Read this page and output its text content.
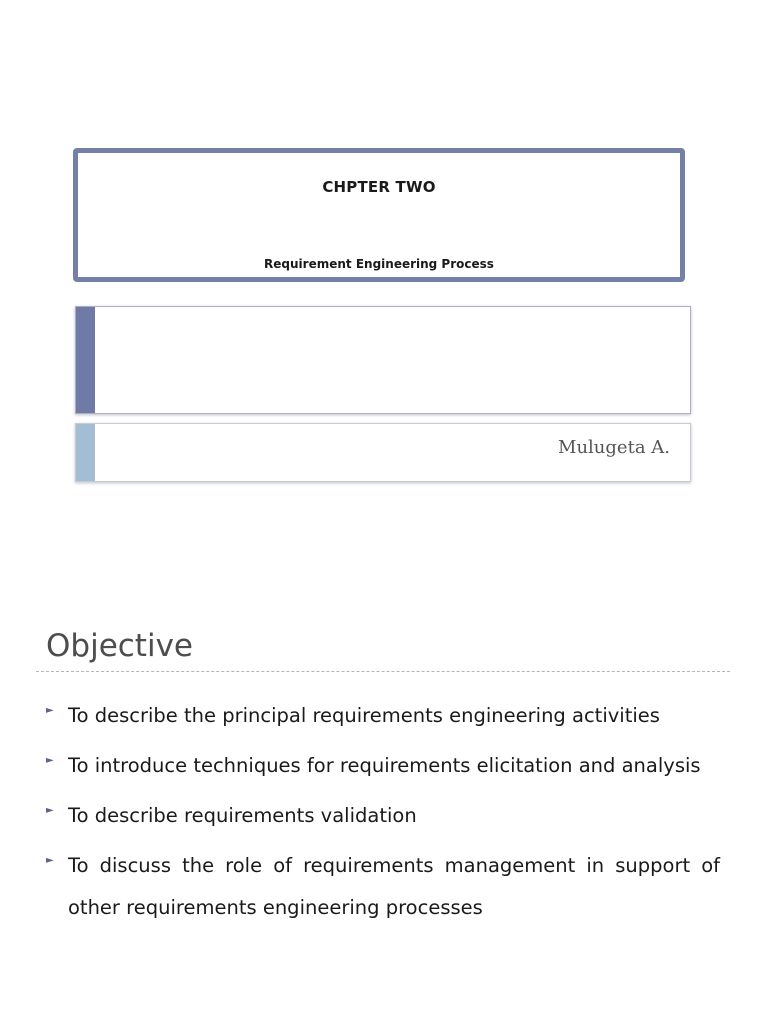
CHPTER TWO
Requirement Engineering Process
Mulugeta A.
Objective
► To describe the principal requirements engineering activities
► To introduce techniques for requirements elicitation and analysis
► To describe requirements validation
► To discuss the role of requirements management in support of other requirements engineering processes
